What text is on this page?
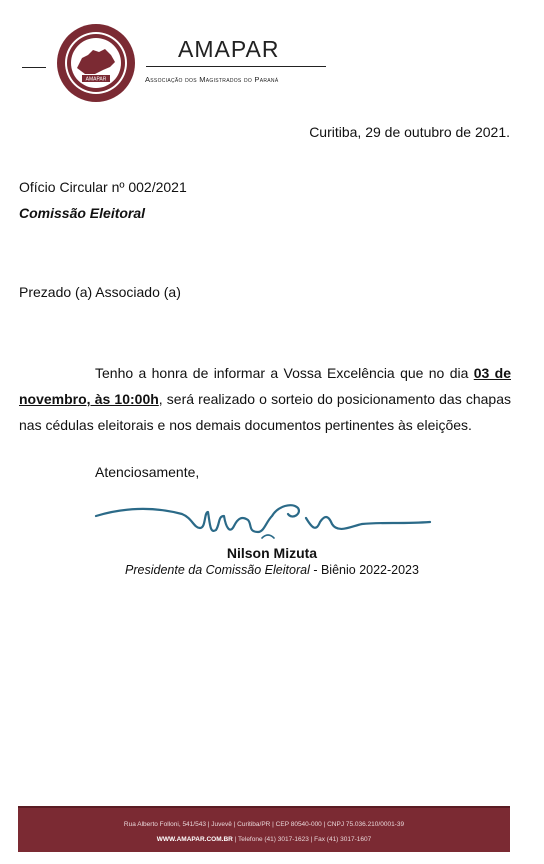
AMAPAR
AMAPAR
Associação dos Magistrados do Paraná
Curitiba, 29 de outubro de 2021.
Ofício Circular nº 002/2021
Comissão Eleitoral
Prezado (a) Associado (a)
Tenho a honra de informar a Vossa Excelência que no dia 03 de novembro, às 10:00h, será realizado o sorteio do posicionamento das chapas nas cédulas eleitorais e nos demais documentos pertinentes às eleições.
Atenciosamente,
Nilson Mizuta
Presidente da Comissão Eleitoral - Biênio 2022-2023
Rua Alberto Folloni, 541/543 | Juvevê | Curitiba/PR | CEP 80540-000 | CNPJ 75.036.210/0001-39
WWW.AMAPAR.COM.BR | Telefone (41) 3017-1623 | Fax (41) 3017-1607
